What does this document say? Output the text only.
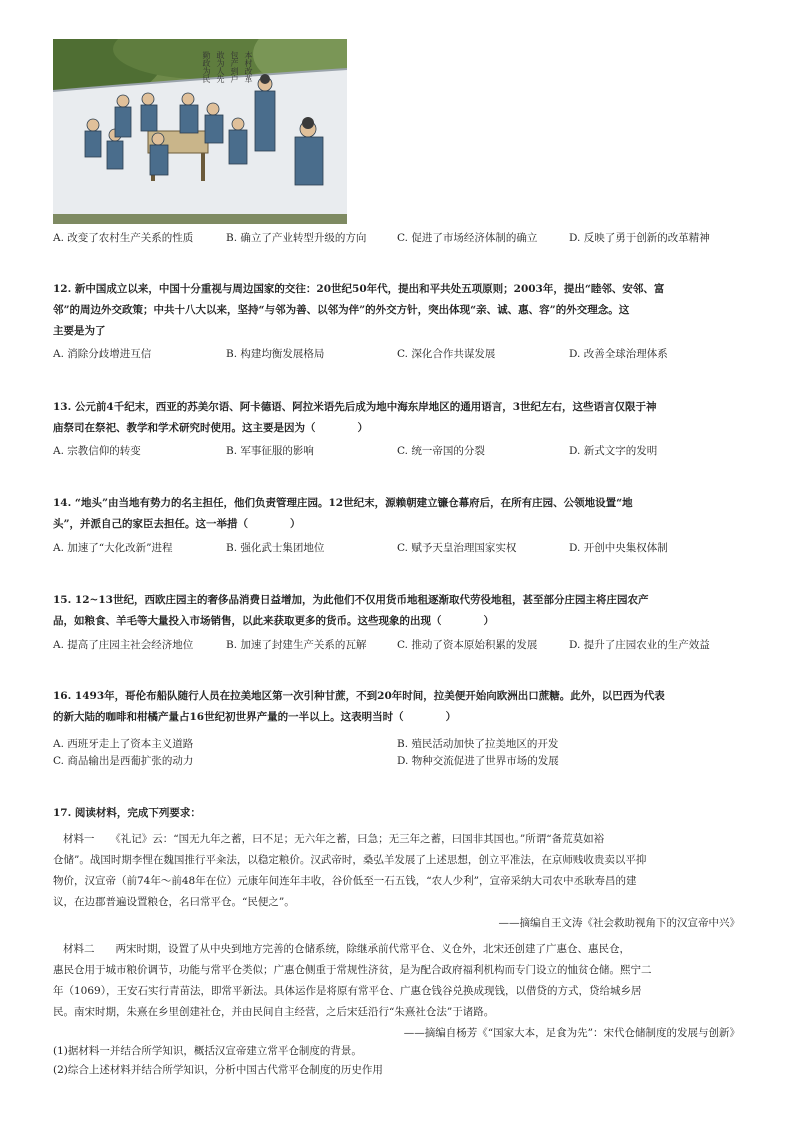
本村改革
包产到户
敢为人先
勤政为民
A. 改变了农村生产关系的性质	B. 确立了产业转型升级的方向	C. 促进了市场经济体制的确立	D. 反映了勇于创新的改革精神

12. 新中国成立以来，中国十分重视与周边国家的交往：20世纪50年代，提出和平共处五项原则；2003年，提出“睦邻、安邻、富

邻”的周边外交政策；中共十八大以来，坚持“与邻为善、以邻为伴”的外交方针，突出体现“亲、诚、惠、容”的外交理念。这

主要是为了

A. 消除分歧增进互信	B. 构建均衡发展格局	C. 深化合作共谋发展	D. 改善全球治理体系

13. 公元前4千纪末，西亚的苏美尔语、阿卡德语、阿拉米语先后成为地中海东岸地区的通用语言，3世纪左右，这些语言仅限于神

庙祭司在祭祀、教学和学术研究时使用。这主要是因为（　　　　）

A. 宗教信仰的转变	B. 军事征服的影响	C. 统一帝国的分裂	D. 新式文字的发明

14. “地头”由当地有势力的名主担任，他们负责管理庄园。12世纪末，源赖朝建立镰仓幕府后，在所有庄园、公领地设置“地

头”，并派自己的家臣去担任。这一举措（　　　　）

A. 加速了“大化改新”进程	B. 强化武士集团地位	C. 赋予天皇治理国家实权	D. 开创中央集权体制

15. 12~13世纪，西欧庄园主的奢侈品消费日益增加，为此他们不仅用货币地租逐渐取代劳役地租，甚至部分庄园主将庄园农产

品，如粮食、羊毛等大量投入市场销售，以此来获取更多的货币。这些现象的出现（　　　　）

A. 提高了庄园主社会经济地位	B. 加速了封建生产关系的瓦解	C. 推动了资本原始积累的发展	D. 提升了庄园农业的生产效益

16. 1493年，哥伦布船队随行人员在拉美地区第一次引种甘蔗，不到20年时间，拉美便开始向欧洲出口蔗糖。此外，以巴西为代表

的新大陆的咖啡和柑橘产量占16世纪初世界产量的一半以上。这表明当时（　　　　）

A. 西班牙走上了资本主义道路	B. 殖民活动加快了拉美地区的开发
C. 商品输出是西葡扩张的动力	D. 物种交流促进了世界市场的发展
17. 阅读材料，完成下列要求：

材料一　　《礼记》云：“国无九年之蓄，曰不足；无六年之蓄，曰急；无三年之蓄，曰国非其国也。”所谓“备荒莫如裕

仓储”。战国时期李悝在魏国推行平籴法，以稳定粮价。汉武帝时，桑弘羊发展了上述思想，创立平准法，在京师贱收贵卖以平抑

物价，汉宣帝（前74年～前48年在位）元康年间连年丰收，谷价低至一石五钱，“农人少利”，宣帝采纳大司农中丞耿寿昌的建

议，在边郡普遍设置粮仓，名曰常平仓。“民便之”。

——摘编自王文涛《社会救助视角下的汉宣帝中兴》

材料二　　两宋时期，设置了从中央到地方完善的仓储系统，除继承前代常平仓、义仓外，北宋还创建了广惠仓、惠民仓，

惠民仓用于城市粮价调节，功能与常平仓类似；广惠仓侧重于常规性济贫，是为配合政府福利机构而专门设立的恤贫仓储。熙宁二

年（1069），王安石实行青苗法，即常平新法。具体运作是将原有常平仓、广惠仓钱谷兑换成现钱，以借贷的方式，贷给城乡居

民。南宋时期，朱熹在乡里创建社仓，并由民间自主经营，之后宋廷沿行“朱熹社仓法”于诸路。

——摘编自杨芳《“国家大本，足食为先”：宋代仓储制度的发展与创新》
(1)据材料一并结合所学知识，概括汉宣帝建立常平仓制度的背景。
(2)综合上述材料并结合所学知识，分析中国古代常平仓制度的历史作用
